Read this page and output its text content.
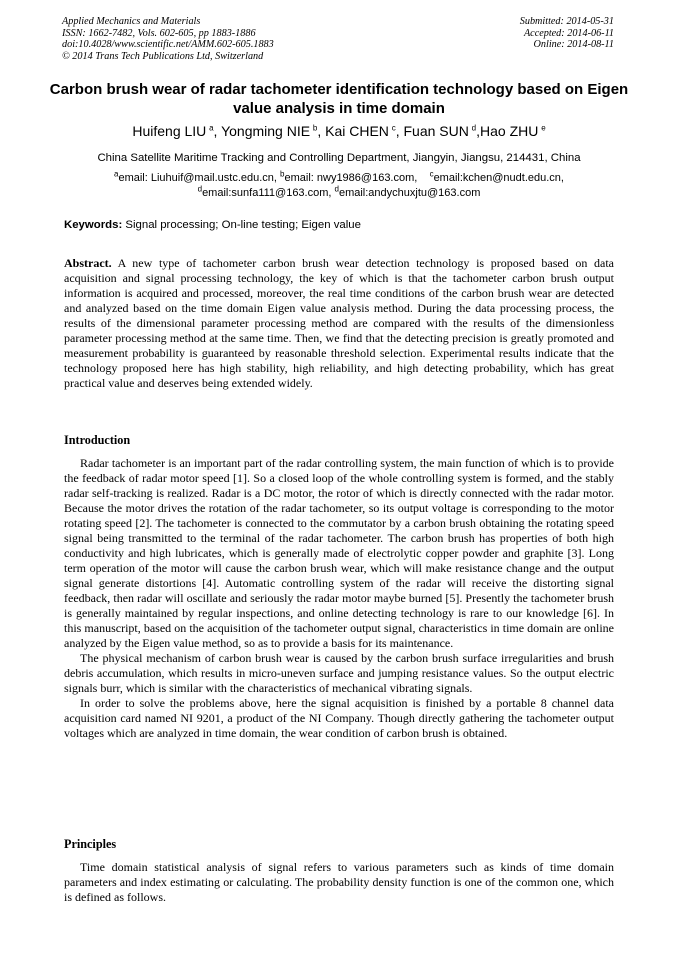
Applied Mechanics and Materials
ISSN: 1662-7482, Vols. 602-605, pp 1883-1886
doi:10.4028/www.scientific.net/AMM.602-605.1883
© 2014 Trans Tech Publications Ltd, Switzerland
Submitted: 2014-05-31
Accepted: 2014-06-11
Online: 2014-08-11
Carbon brush wear of radar tachometer identification technology based on Eigen value analysis in time domain
Huifeng LIU  $^a$, Yongming NIE  $^b$, Kai CHEN  $^c$, Fuan SUN  $^d$,Hao ZHU  $^e$
China Satellite Maritime Tracking and Controlling Department, Jiangyin, Jiangsu, 214431, China
$^a$email: Liuhuif@mail.ustc.edu.cn, $^b$email: nwy1986@163.com,    $^c$email:kchen@nudt.edu.cn,
$^d$email:sunfa111@163.com, $^d$email:andychuxjtu@163.com
Keywords: Signal processing; On-line testing; Eigen value

Abstract. A new type of tachometer carbon brush wear detection technology is proposed based on data acquisition and signal processing technology, the key of which is that the tachometer carbon brush output information is acquired and processed, moreover, the real time conditions of the carbon brush wear are detected and analyzed based on the time domain Eigen value analysis method. During the data processing process, the results of the dimensional parameter processing method are compared with the results of the dimensionless parameter processing method at the same time. Then, we find that the detecting precision is greatly promoted and measurement probability is guaranteed by reasonable threshold selection. Experimental results indicate that the technology proposed here has high stability, high reliability, and high detecting probability, which has great practical value and deserves being extended widely.

Introduction

Radar tachometer is an important part of the radar controlling system, the main function of which is to provide the feedback of radar motor speed [1]. So a closed loop of the whole controlling system is formed, and the stably radar self-tracking is realized. Radar is a DC motor, the rotor of which is directly connected with the radar motor. Because the motor drives the rotation of the radar tachometer, so its output voltage is corresponding to the motor rotating speed [2]. The tachometer is connected to the commutator by a carbon brush obtaining the rotating speed signal being transmitted to the terminal of the radar tachometer. The carbon brush has properties of both high conductivity and high lubricates, which is generally made of electrolytic copper powder and graphite [3]. Long term operation of the motor will cause the carbon brush wear, which will make resistance change and the output signal generate distortions [4]. Automatic controlling system of the radar will receive the distorting signal feedback, then radar will oscillate and seriously the radar motor maybe burned [5]. Presently the tachometer brush is generally maintained by regular inspections, and online detecting technology is rare to our knowledge [6]. In this manuscript, based on the acquisition of the tachometer output signal, characteristics in time domain are online analyzed by the Eigen value method, so as to provide a basis for its maintenance.

The physical mechanism of carbon brush wear is caused by the carbon brush surface irregularities and brush debris accumulation, which results in micro-uneven surface and jumping resistance values. So the output electric signals burr, which is similar with the characteristics of mechanical vibrating signals.

In order to solve the problems above, here the signal acquisition is finished by a portable 8 channel data acquisition card named NI 9201, a product of the NI Company. Though directly gathering the tachometer output voltages which are analyzed in time domain, the wear condition of carbon brush is obtained.

Principles

Time domain statistical analysis of signal refers to various parameters such as kinds of time domain parameters and index estimating or calculating. The probability density function is one of the common one, which is defined as follows.
